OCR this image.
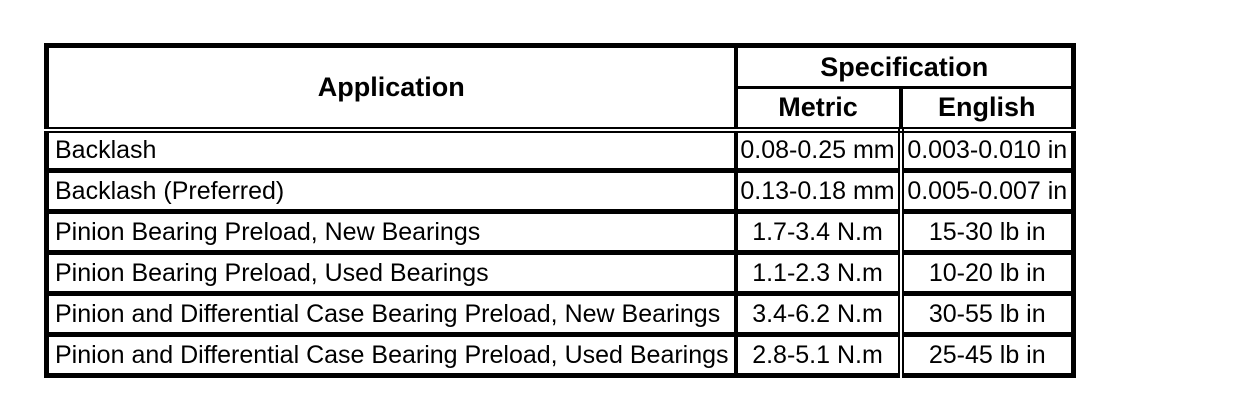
Application	Specification	
	Metric	English
Backlash	0.08-0.25 mm	0.003-0.010 in
Backlash (Preferred)	0.13-0.18 mm	0.005-0.007 in
Pinion Bearing Preload, New Bearings	1.7-3.4 N.m	15-30 lb in
Pinion Bearing Preload, Used Bearings	1.1-2.3 N.m	10-20 lb in
Pinion and Differential Case Bearing Preload, New Bearings	3.4-6.2 N.m	30-55 lb in
Pinion and Differential Case Bearing Preload, Used Bearings	2.8-5.1 N.m	25-45 lb in
